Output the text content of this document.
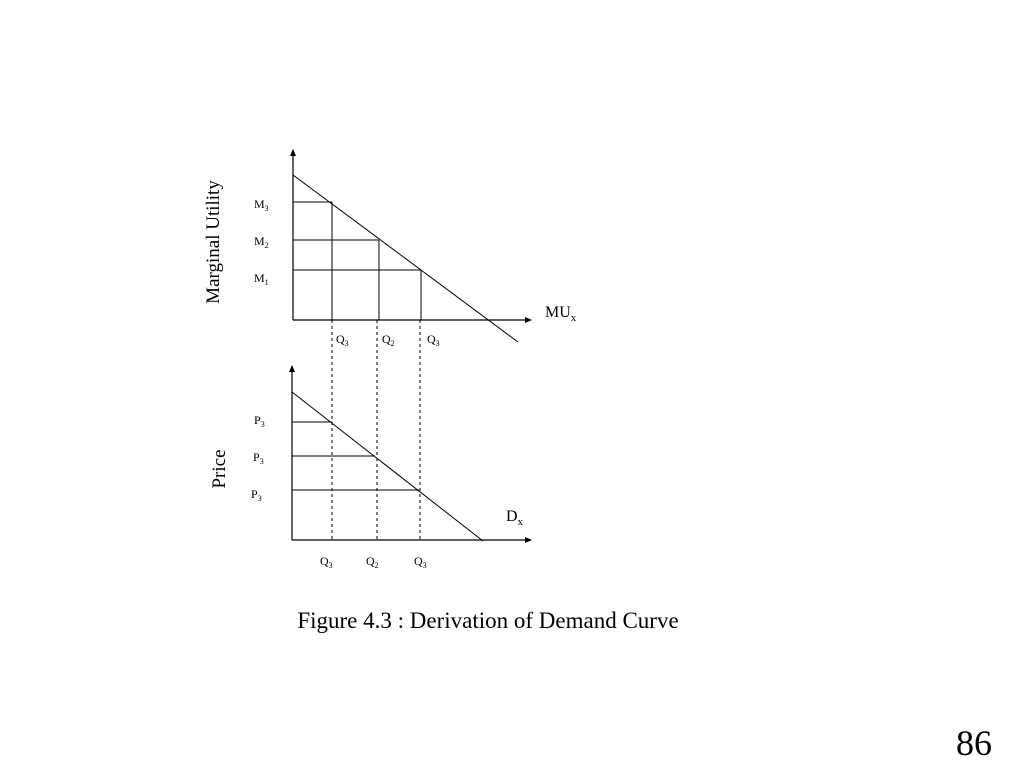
Marginal Utility	$M_3$
$M_2$
$M_1$
$Q_3$	$Q_2$	$Q_3$
$MU_x$
Price
$P_3$
$P_3$
$P_3$
$Q_3$	$Q_2$	$Q_3$
$D_x$
Figure 4.3 : Derivation of Demand Curve
86
